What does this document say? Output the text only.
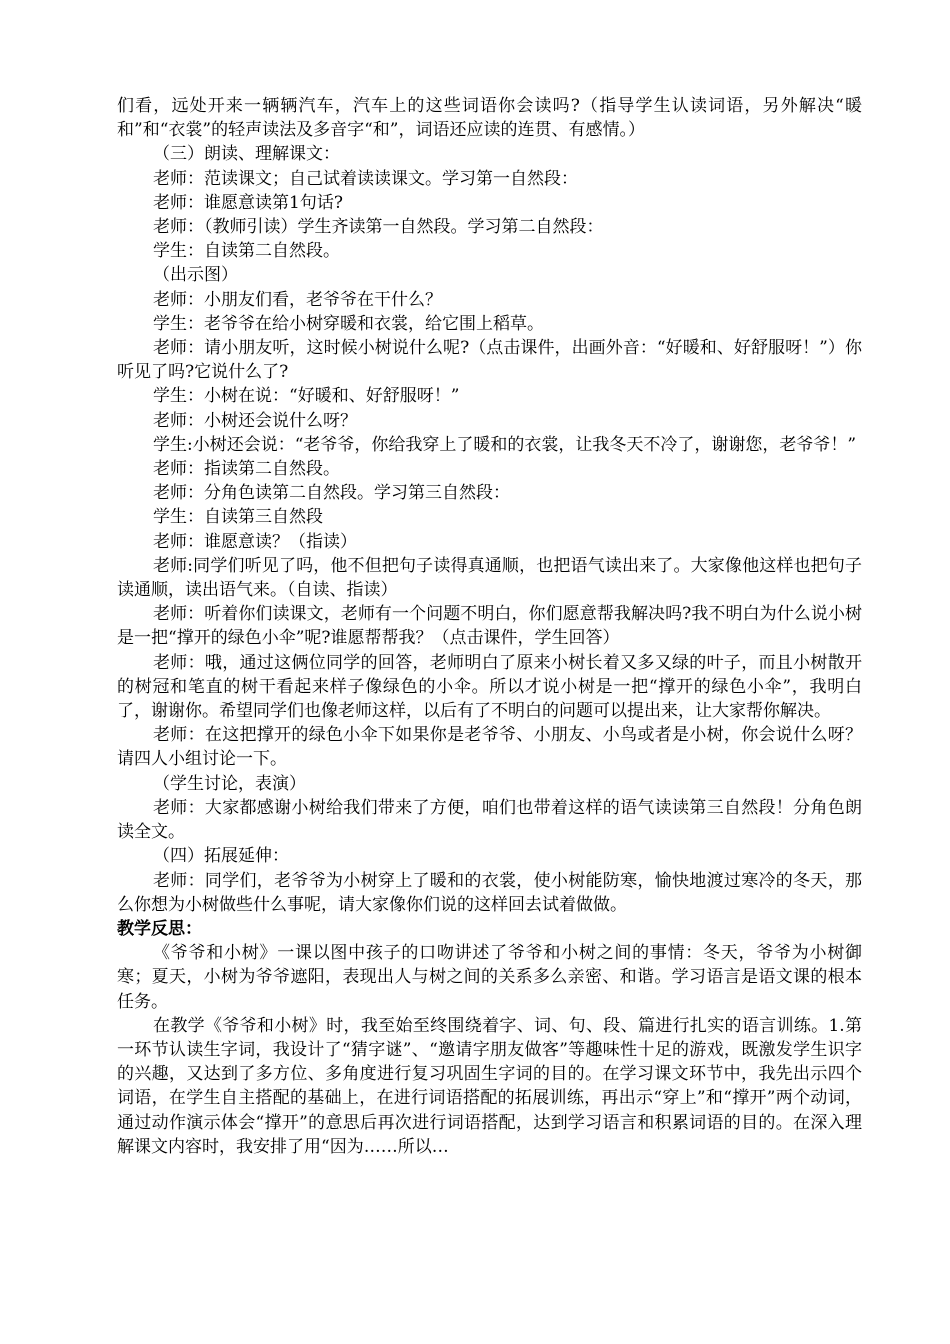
们看，远处开来一辆辆汽车，汽车上的这些词语你会读吗?（指导学生认读词语，另外解决“暖和”和“衣裳”的轻声读法及多音字“和”，词语还应读的连贯、有感情。）

（三）朗读、理解课文：

老师：范读课文；自己试着读读课文。学习第一自然段：

老师：谁愿意读第1句话?

老师：（教师引读）学生齐读第一自然段。学习第二自然段：

学生：自读第二自然段。

（出示图）

老师：小朋友们看，老爷爷在干什么？

学生：老爷爷在给小树穿暖和衣裳，给它围上稻草。

老师：请小朋友听，这时候小树说什么呢?（点击课件，出画外音：“好暖和、好舒服呀！”）你听见了吗?它说什么了?

学生：小树在说：“好暖和、好舒服呀！”

老师：小树还会说什么呀？

学生:小树还会说：“老爷爷，你给我穿上了暖和的衣裳，让我冬天不冷了，谢谢您，老爷爷！”

老师：指读第二自然段。

老师：分角色读第二自然段。学习第三自然段：

学生：自读第三自然段

老师：谁愿意读？（指读）

老师:同学们听见了吗，他不但把句子读得真通顺，也把语气读出来了。大家像他这样也把句子读通顺，读出语气来。（自读、指读）

老师：听着你们读课文，老师有一个问题不明白，你们愿意帮我解决吗?我不明白为什么说小树是一把“撑开的绿色小伞”呢?谁愿帮帮我？（点击课件，学生回答）

老师：哦，通过这俩位同学的回答，老师明白了原来小树长着又多又绿的叶子，而且小树散开的树冠和笔直的树干看起来样子像绿色的小伞。所以才说小树是一把“撑开的绿色小伞”，我明白了，谢谢你。希望同学们也像老师这样，以后有了不明白的问题可以提出来，让大家帮你解决。

老师：在这把撑开的绿色小伞下如果你是老爷爷、小朋友、小鸟或者是小树，你会说什么呀？请四人小组讨论一下。

（学生讨论，表演）

老师：大家都感谢小树给我们带来了方便，咱们也带着这样的语气读读第三自然段！分角色朗读全文。

（四）拓展延伸：

老师：同学们，老爷爷为小树穿上了暖和的衣裳，使小树能防寒，愉快地渡过寒冷的冬天，那么你想为小树做些什么事呢，请大家像你们说的这样回去试着做做。

教学反思：

《爷爷和小树》一课以图中孩子的口吻讲述了爷爷和小树之间的事情：冬天，爷爷为小树御寒；夏天，小树为爷爷遮阳，表现出人与树之间的关系多么亲密、和谐。学习语言是语文课的根本任务。

在教学《爷爷和小树》时，我至始至终围绕着字、词、句、段、篇进行扎实的语言训练。1.第一环节认读生字词，我设计了“猜字谜”、“邀请字朋友做客”等趣味性十足的游戏，既激发学生识字的兴趣，又达到了多方位、多角度进行复习巩固生字词的目的。在学习课文环节中，我先出示四个词语，在学生自主搭配的基础上，在进行词语搭配的拓展训练，再出示“穿上”和“撑开”两个动词，通过动作演示体会“撑开”的意思后再次进行词语搭配，达到学习语言和积累词语的目的。在深入理解课文内容时，我安排了用“因为……所以…
